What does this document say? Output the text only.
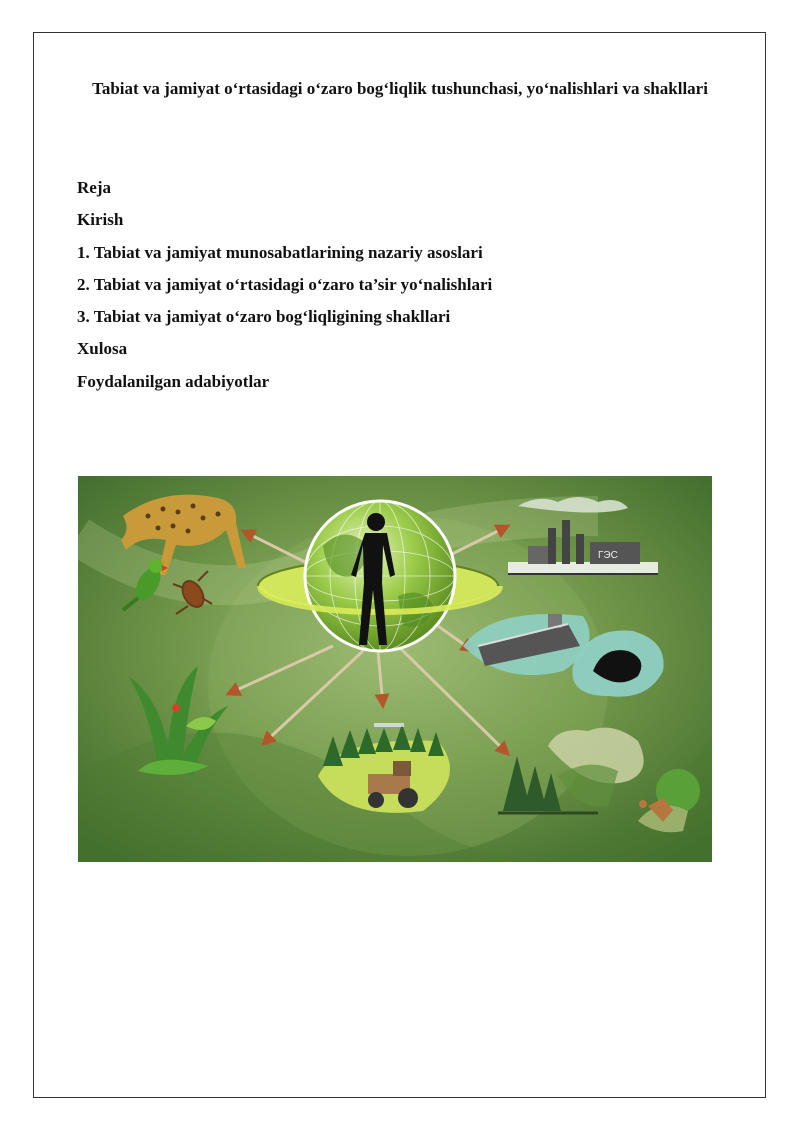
Tabiat va jamiyat o‘rtasidagi o‘zaro bog‘liqlik tushunchasi, yo‘nalishlari va shakllari
Reja
Kirish
1. Tabiat va jamiyat munosabatlarining nazariy asoslari
2. Tabiat va jamiyat o‘rtasidagi o‘zaro ta’sir yo‘nalishlari
3. Tabiat va jamiyat o‘zaro bog‘liqligining shakllari
Xulosa
Foydalanilgan adabiyotlar
ГЭС
